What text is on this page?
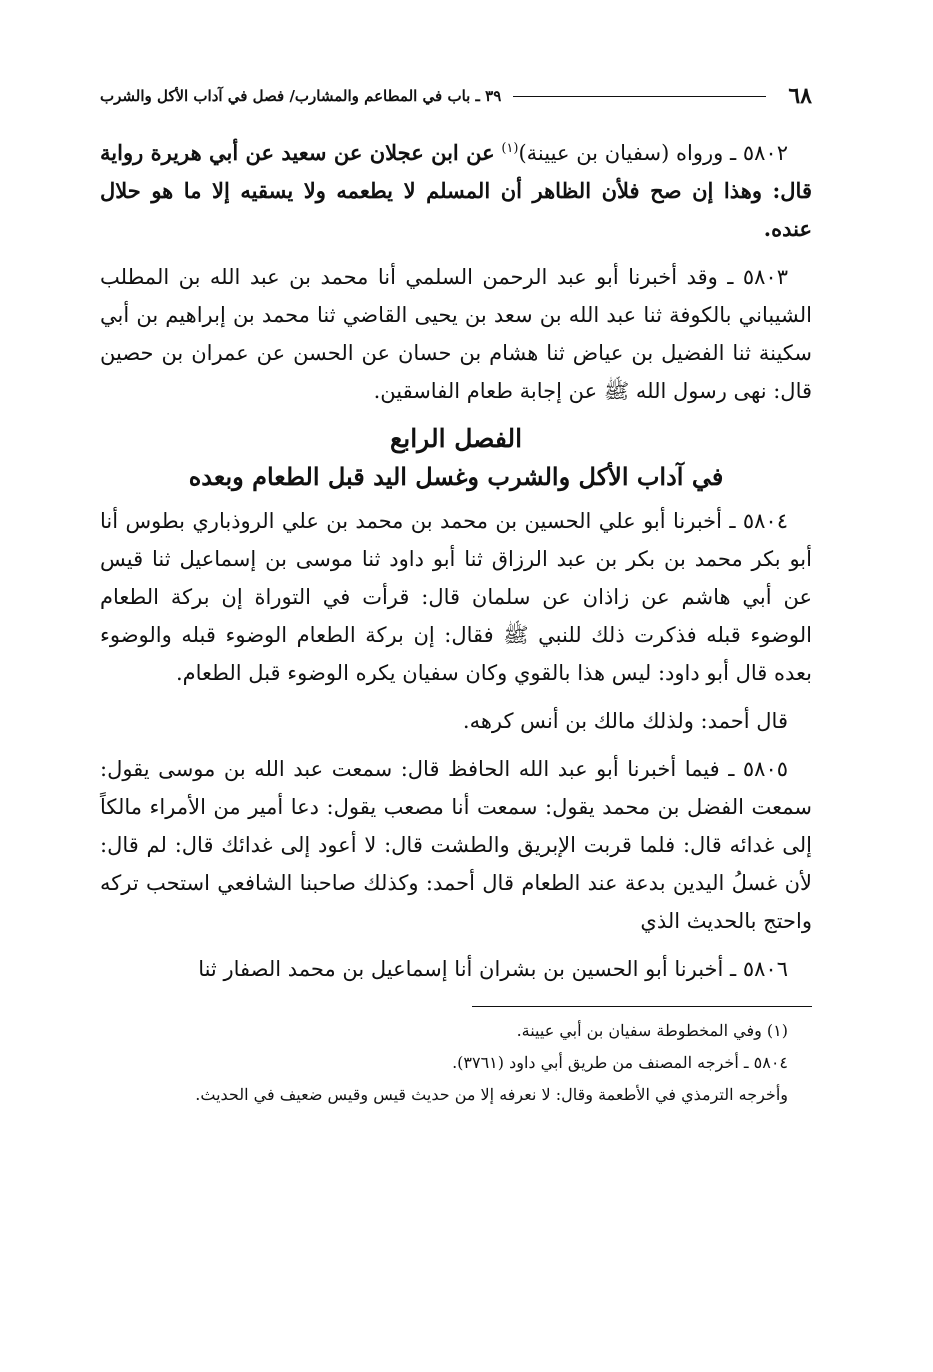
٦٨
٣٩ ـ باب في المطاعم والمشارب/ فصل في آداب الأكل والشرب

٥٨٠٢ ـ ورواه (سفيان بن عيينة)$^{(١)}$ عن ابن عجلان عن سعيد عن أبي هريرة رواية قال: وهذا إن صح فلأن الظاهر أن المسلم لا يطعمه ولا يسقيه إلا ما هو حلال عنده.

٥٨٠٣ ـ وقد أخبرنا أبو عبد الرحمن السلمي أنا محمد بن عبد الله بن المطلب الشيباني بالكوفة ثنا عبد الله بن سعد بن يحيى القاضي ثنا محمد بن إبراهيم بن أبي سكينة ثنا الفضيل بن عياض ثنا هشام بن حسان عن الحسن عن عمران بن حصين قال: نهى رسول الله ﷺ عن إجابة طعام الفاسقين.

الفصل الرابع
في آداب الأكل والشرب وغسل اليد قبل الطعام وبعده

٥٨٠٤ ـ أخبرنا أبو علي الحسين بن محمد بن محمد بن علي الروذباري بطوس أنا أبو بكر محمد بن بكر بن عبد الرزاق ثنا أبو داود ثنا موسى بن إسماعيل ثنا قيس عن أبي هاشم عن زاذان عن سلمان قال: قرأت في التوراة إن بركة الطعام الوضوء قبله فذكرت ذلك للنبي ﷺ فقال: إن بركة الطعام الوضوء قبله والوضوء بعده قال أبو داود: ليس هذا بالقوي وكان سفيان يكره الوضوء قبل الطعام.

قال أحمد: ولذلك مالك بن أنس كرهه.

٥٨٠٥ ـ فيما أخبرنا أبو عبد الله الحافظ قال: سمعت عبد الله بن موسى يقول: سمعت الفضل بن محمد يقول: سمعت أنا مصعب يقول: دعا أمير من الأمراء مالكاً إلى غدائه قال: فلما قربت الإبريق والطشت قال: لا أعود إلى غدائك قال: لم قال: لأن غسلُ اليدين بدعة عند الطعام قال أحمد: وكذلك صاحبنا الشافعي استحب تركه واحتج بالحديث الذي

٥٨٠٦ ـ أخبرنا أبو الحسين بن بشران أنا إسماعيل بن محمد الصفار ثنا

(١) وفي المخطوطة سفيان بن أبي عيينة.

٥٨٠٤ ـ أخرجه المصنف من طريق أبي داود (٣٧٦١).

وأخرجه الترمذي في الأطعمة وقال: لا نعرفه إلا من حديث قيس وقيس ضعيف في الحديث.
